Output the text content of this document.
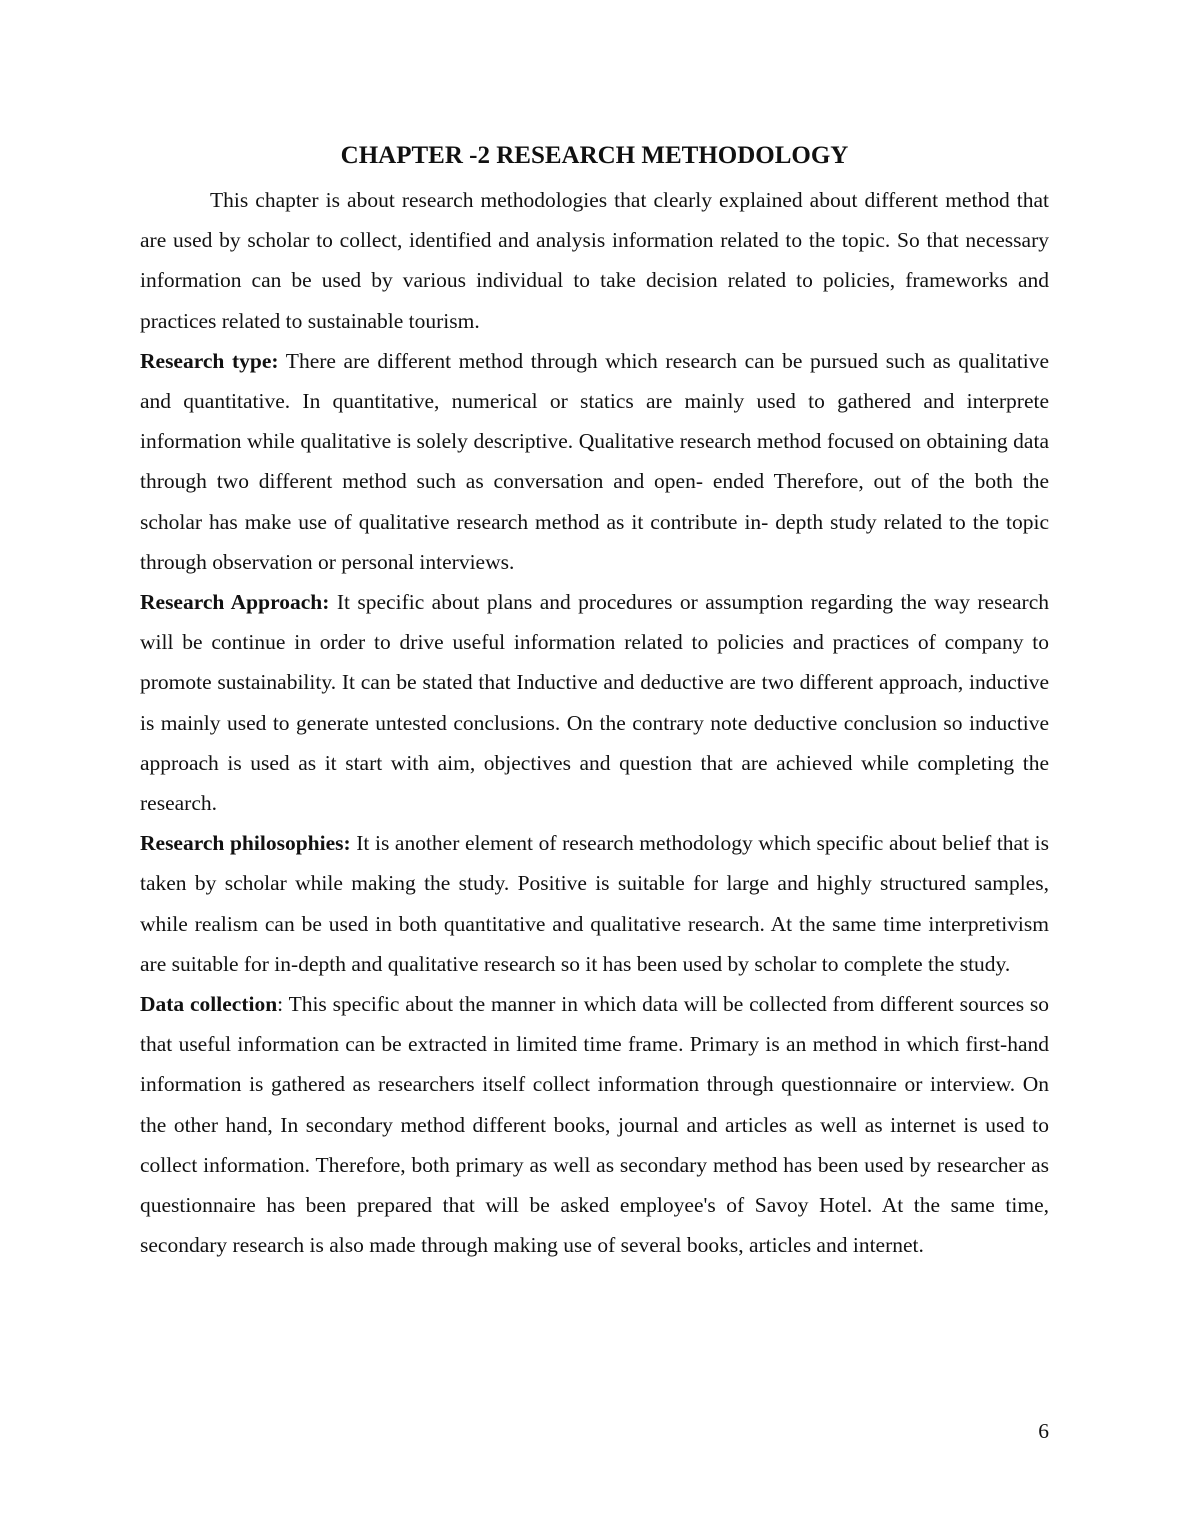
CHAPTER -2 RESEARCH METHODOLOGY

This chapter is about research methodologies that clearly explained about different method that are used by scholar to collect, identified and analysis information related to the topic. So that necessary information can be used by various individual to take decision related to policies, frameworks and practices related to sustainable tourism.

Research type: There are different method through which research can be pursued such as qualitative and quantitative. In quantitative, numerical or statics are mainly used to gathered and interprete information while qualitative is solely descriptive. Qualitative research method focused on obtaining data through two different method such as conversation and open- ended Therefore, out of the both the scholar has make use of qualitative research method as it contribute in- depth study related to the topic through observation or personal interviews.

Research Approach: It specific about plans and procedures or assumption regarding the way research will be continue in order to drive useful information related to policies and practices of company to promote sustainability. It can be stated that Inductive and deductive are two different approach, inductive is mainly used to generate untested conclusions. On the contrary note deductive conclusion so inductive approach is used as it start with aim, objectives and question that are achieved while completing the research.

Research philosophies: It is another element of research methodology which specific about belief that is taken by scholar while making the study. Positive is suitable for large and highly structured samples, while realism can be used in both quantitative and qualitative research. At the same time interpretivism are suitable for in-depth and qualitative research so it has been used by scholar to complete the study.

Data collection: This specific about the manner in which data will be collected from different sources so that useful information can be extracted in limited time frame. Primary is an method in which first-hand information is gathered as researchers itself collect information through questionnaire or interview. On the other hand, In secondary method different books, journal and articles as well as internet is used to collect information. Therefore, both primary as well as secondary method has been used by researcher as questionnaire has been prepared that will be asked employee's of Savoy Hotel. At the same time, secondary research is also made through making use of several books, articles and internet.

6
